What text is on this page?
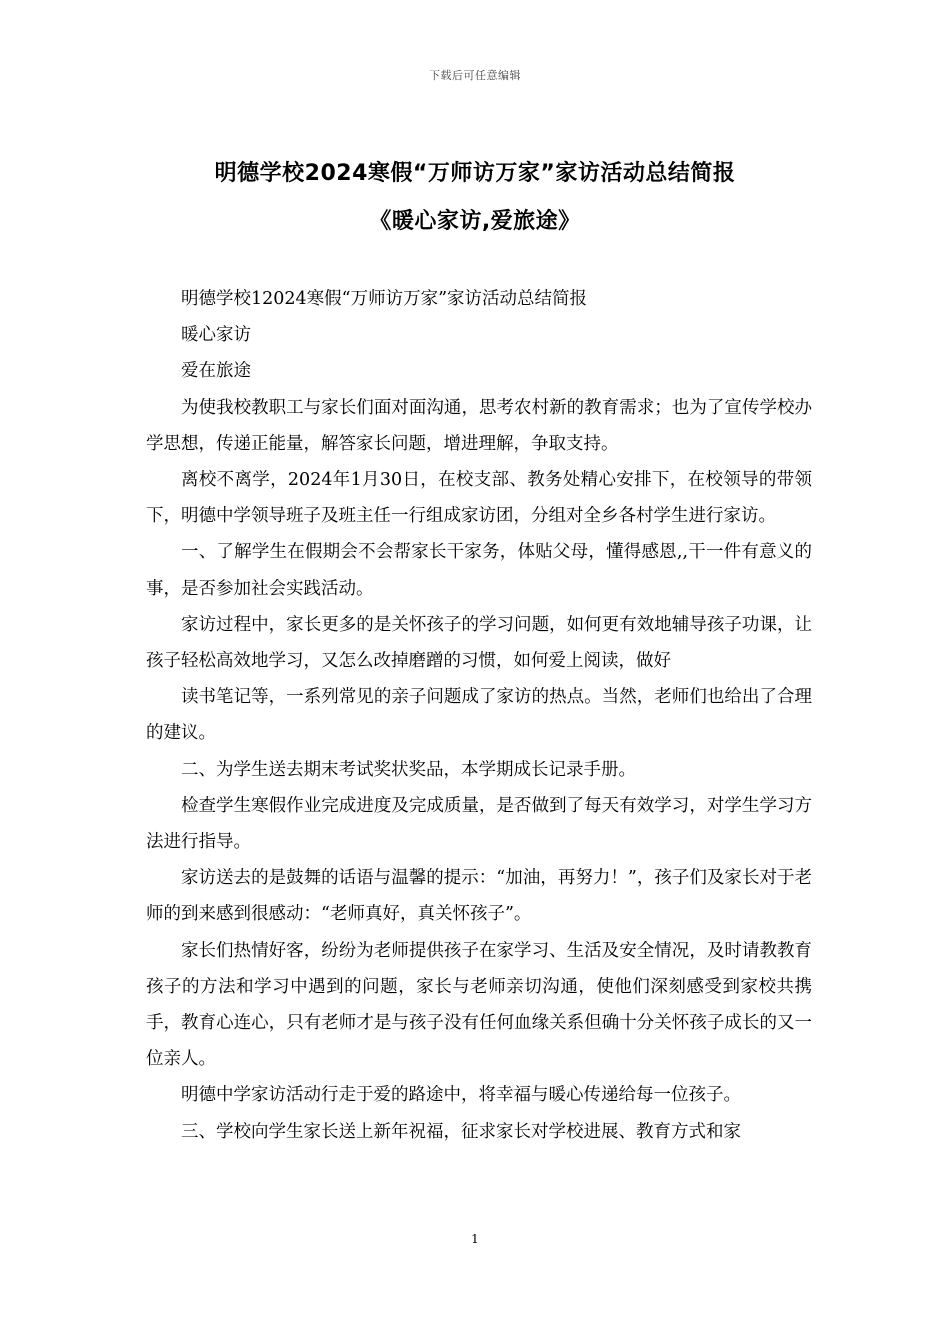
下载后可任意编辑
明德学校2024寒假“万师访万家”家访活动总结简报
《暖心家访,爱旅途》

明德学校12024寒假“万师访万家”家访活动总结简报

暖心家访

爱在旅途

为使我校教职工与家长们面对面沟通，思考农村新的教育需求；也为了宣传学校办学思想，传递正能量，解答家长问题，增进理解，争取支持。

离校不离学，2024年1月30日，在校支部、教务处精心安排下，在校领导的带领下，明德中学领导班子及班主任一行组成家访团，分组对全乡各村学生进行家访。

一、了解学生在假期会不会帮家长干家务，体贴父母，懂得感恩,,干一件有意义的事，是否参加社会实践活动。

家访过程中，家长更多的是关怀孩子的学习问题，如何更有效地辅导孩子功课，让孩子轻松高效地学习，又怎么改掉磨蹭的习惯，如何爱上阅读，做好

读书笔记等，一系列常见的亲子问题成了家访的热点。当然，老师们也给出了合理的建议。

二、为学生送去期末考试奖状奖品，本学期成长记录手册。

检查学生寒假作业完成进度及完成质量，是否做到了每天有效学习，对学生学习方法进行指导。

家访送去的是鼓舞的话语与温馨的提示：“加油，再努力！”，孩子们及家长对于老师的到来感到很感动：“老师真好，真关怀孩子”。

家长们热情好客，纷纷为老师提供孩子在家学习、生活及安全情况，及时请教教育孩子的方法和学习中遇到的问题，家长与老师亲切沟通，使他们深刻感受到家校共携手，教育心连心，只有老师才是与孩子没有任何血缘关系但确十分关怀孩子成长的又一位亲人。

明德中学家访活动行走于爱的路途中，将幸福与暖心传递给每一位孩子。

三、学校向学生家长送上新年祝福，征求家长对学校进展、教育方式和家

1
